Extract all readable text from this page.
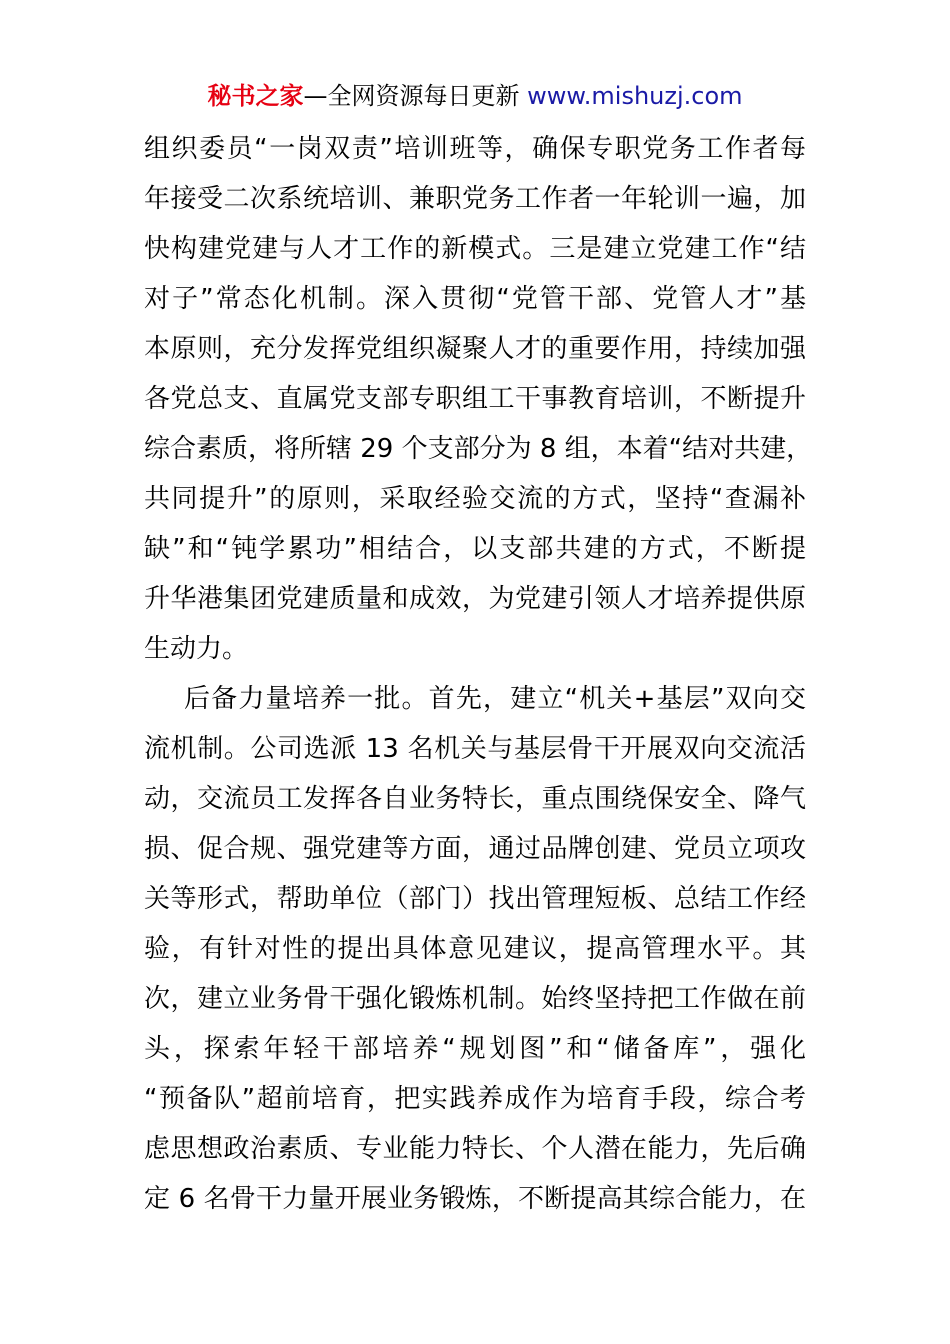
秘书之家—全网资源每日更新 www.mishuzj.com
组织委员“一岗双责”培训班等，确保专职党务工作者每
年接受二次系统培训、兼职党务工作者一年轮训一遍，加
快构建党建与人才工作的新模式。三是建立党建工作“结
对子”常态化机制。深入贯彻“党管干部、党管人才”基
本原则，充分发挥党组织凝聚人才的重要作用，持续加强
各党总支、直属党支部专职组工干事教育培训，不断提升
综合素质，将所辖 29 个支部分为 8 组，本着“结对共建，
共同提升”的原则，采取经验交流的方式，坚持“查漏补
缺”和“钝学累功”相结合，以支部共建的方式，不断提
升华港集团党建质量和成效，为党建引领人才培养提供原
生动力。
后备力量培养一批。首先，建立“机关+基层”双向交
流机制。公司选派 13 名机关与基层骨干开展双向交流活
动，交流员工发挥各自业务特长，重点围绕保安全、降气
损、促合规、强党建等方面，通过品牌创建、党员立项攻
关等形式，帮助单位（部门）找出管理短板、总结工作经
验，有针对性的提出具体意见建议，提高管理水平。其
次，建立业务骨干强化锻炼机制。始终坚持把工作做在前
头，探索年轻干部培养“规划图”和“储备库”，强化
“预备队”超前培育，把实践养成作为培育手段，综合考
虑思想政治素质、专业能力特长、个人潜在能力，先后确
定 6 名骨干力量开展业务锻炼，不断提高其综合能力，在
